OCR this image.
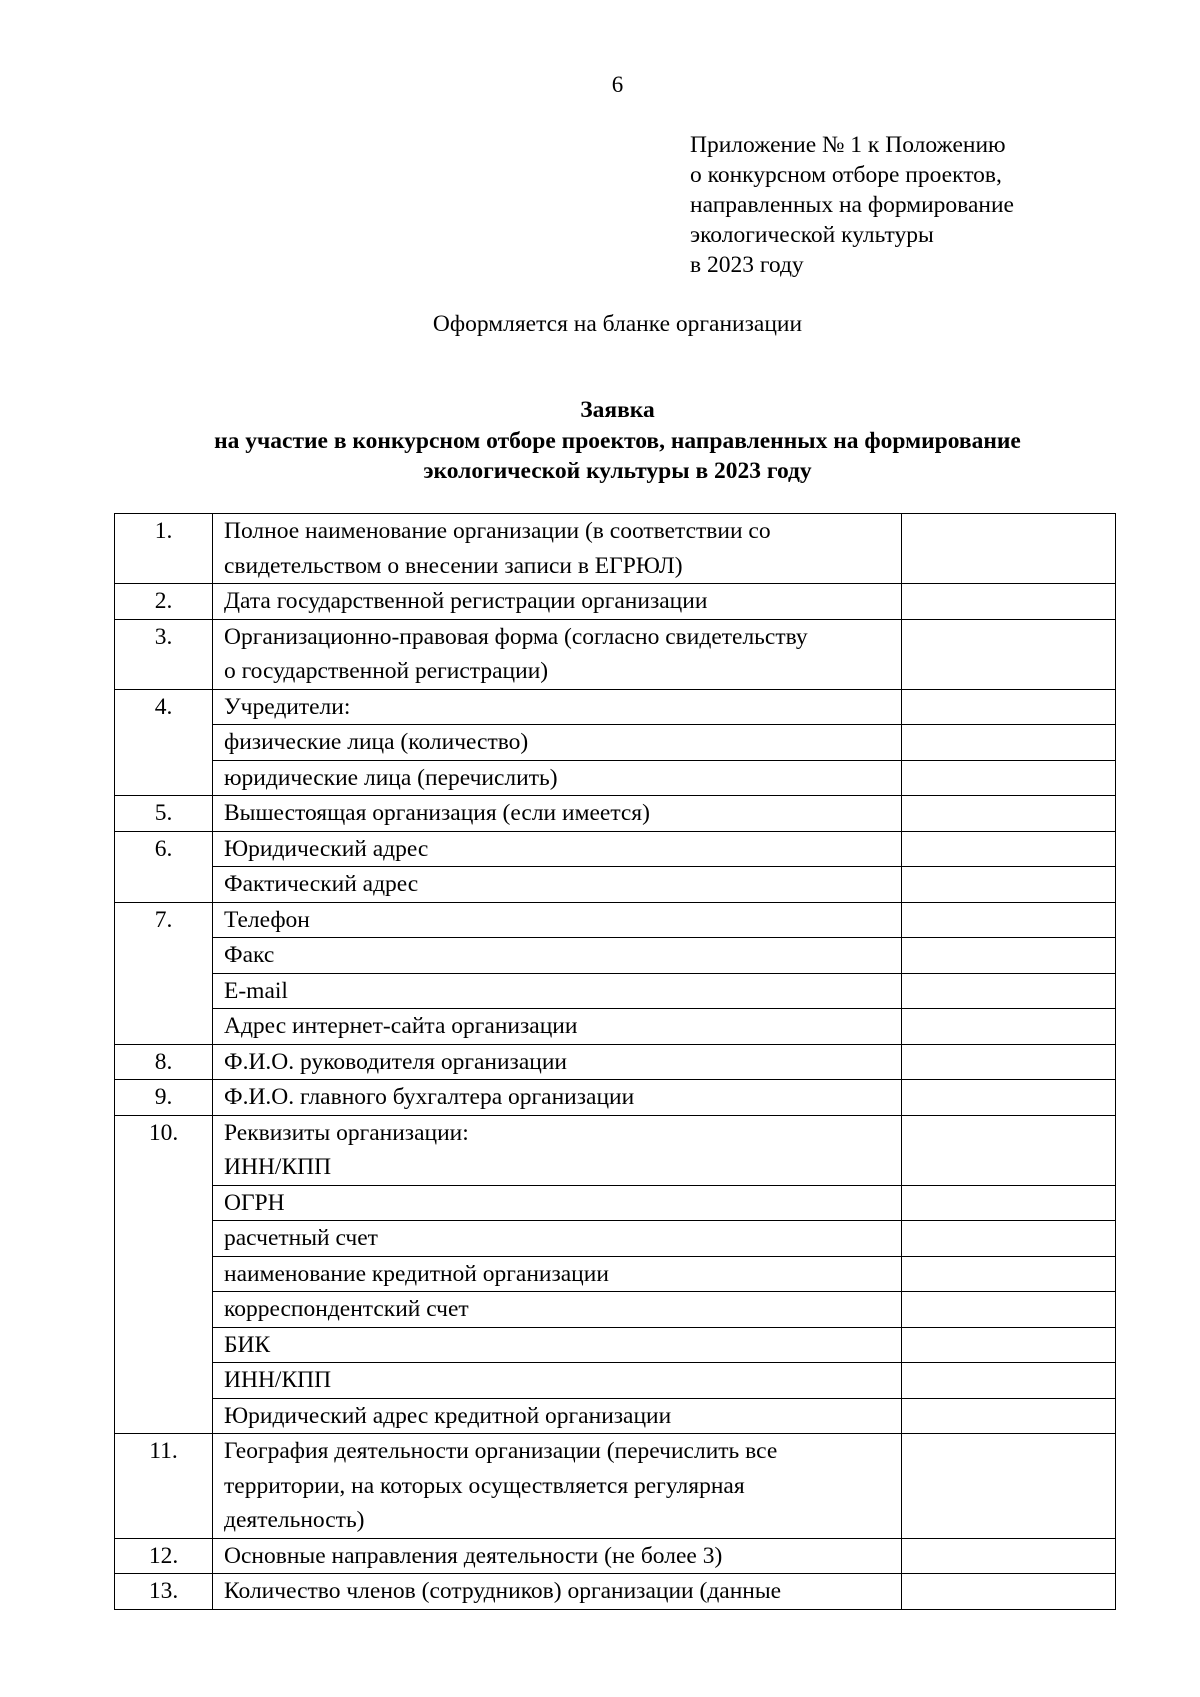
6
Приложение № 1 к Положению
о конкурсном отборе проектов,
направленных на формирование
экологической культуры
в 2023 году
Оформляется на бланке организации
Заявка
на участие в конкурсном отборе проектов, направленных на формирование
экологической культуры в 2023 году
1.	Полное наименование организации (в соответствии со
свидетельством о внесении записи в ЕГРЮЛ)	

2.	Дата государственной регистрации организации	

3.	Организационно-правовая форма (согласно свидетельству
о государственной регистрации)	

4.	Учредители:	

	физические лица (количество)	

	юридические лица (перечислить)	

5.	Вышестоящая организация (если имеется)	

6.	Юридический адрес	

	Фактический адрес	

7.	Телефон	

	Факс	

	E-mail	

	Адрес интернет-сайта организации	

8.	Ф.И.О. руководителя организации	

9.	Ф.И.О. главного бухгалтера организации	

10.	Реквизиты организации:
ИНН/КПП	

	ОГРН	

	расчетный счет	

	наименование кредитной организации	

	корреспондентский счет	

	БИК	

	ИНН/КПП	

	Юридический адрес кредитной организации	

11.	География деятельности организации (перечислить все
территории, на которых осуществляется регулярная
деятельность)	

12.	Основные направления деятельности (не более 3)	

13.	Количество членов (сотрудников) организации (данные	
